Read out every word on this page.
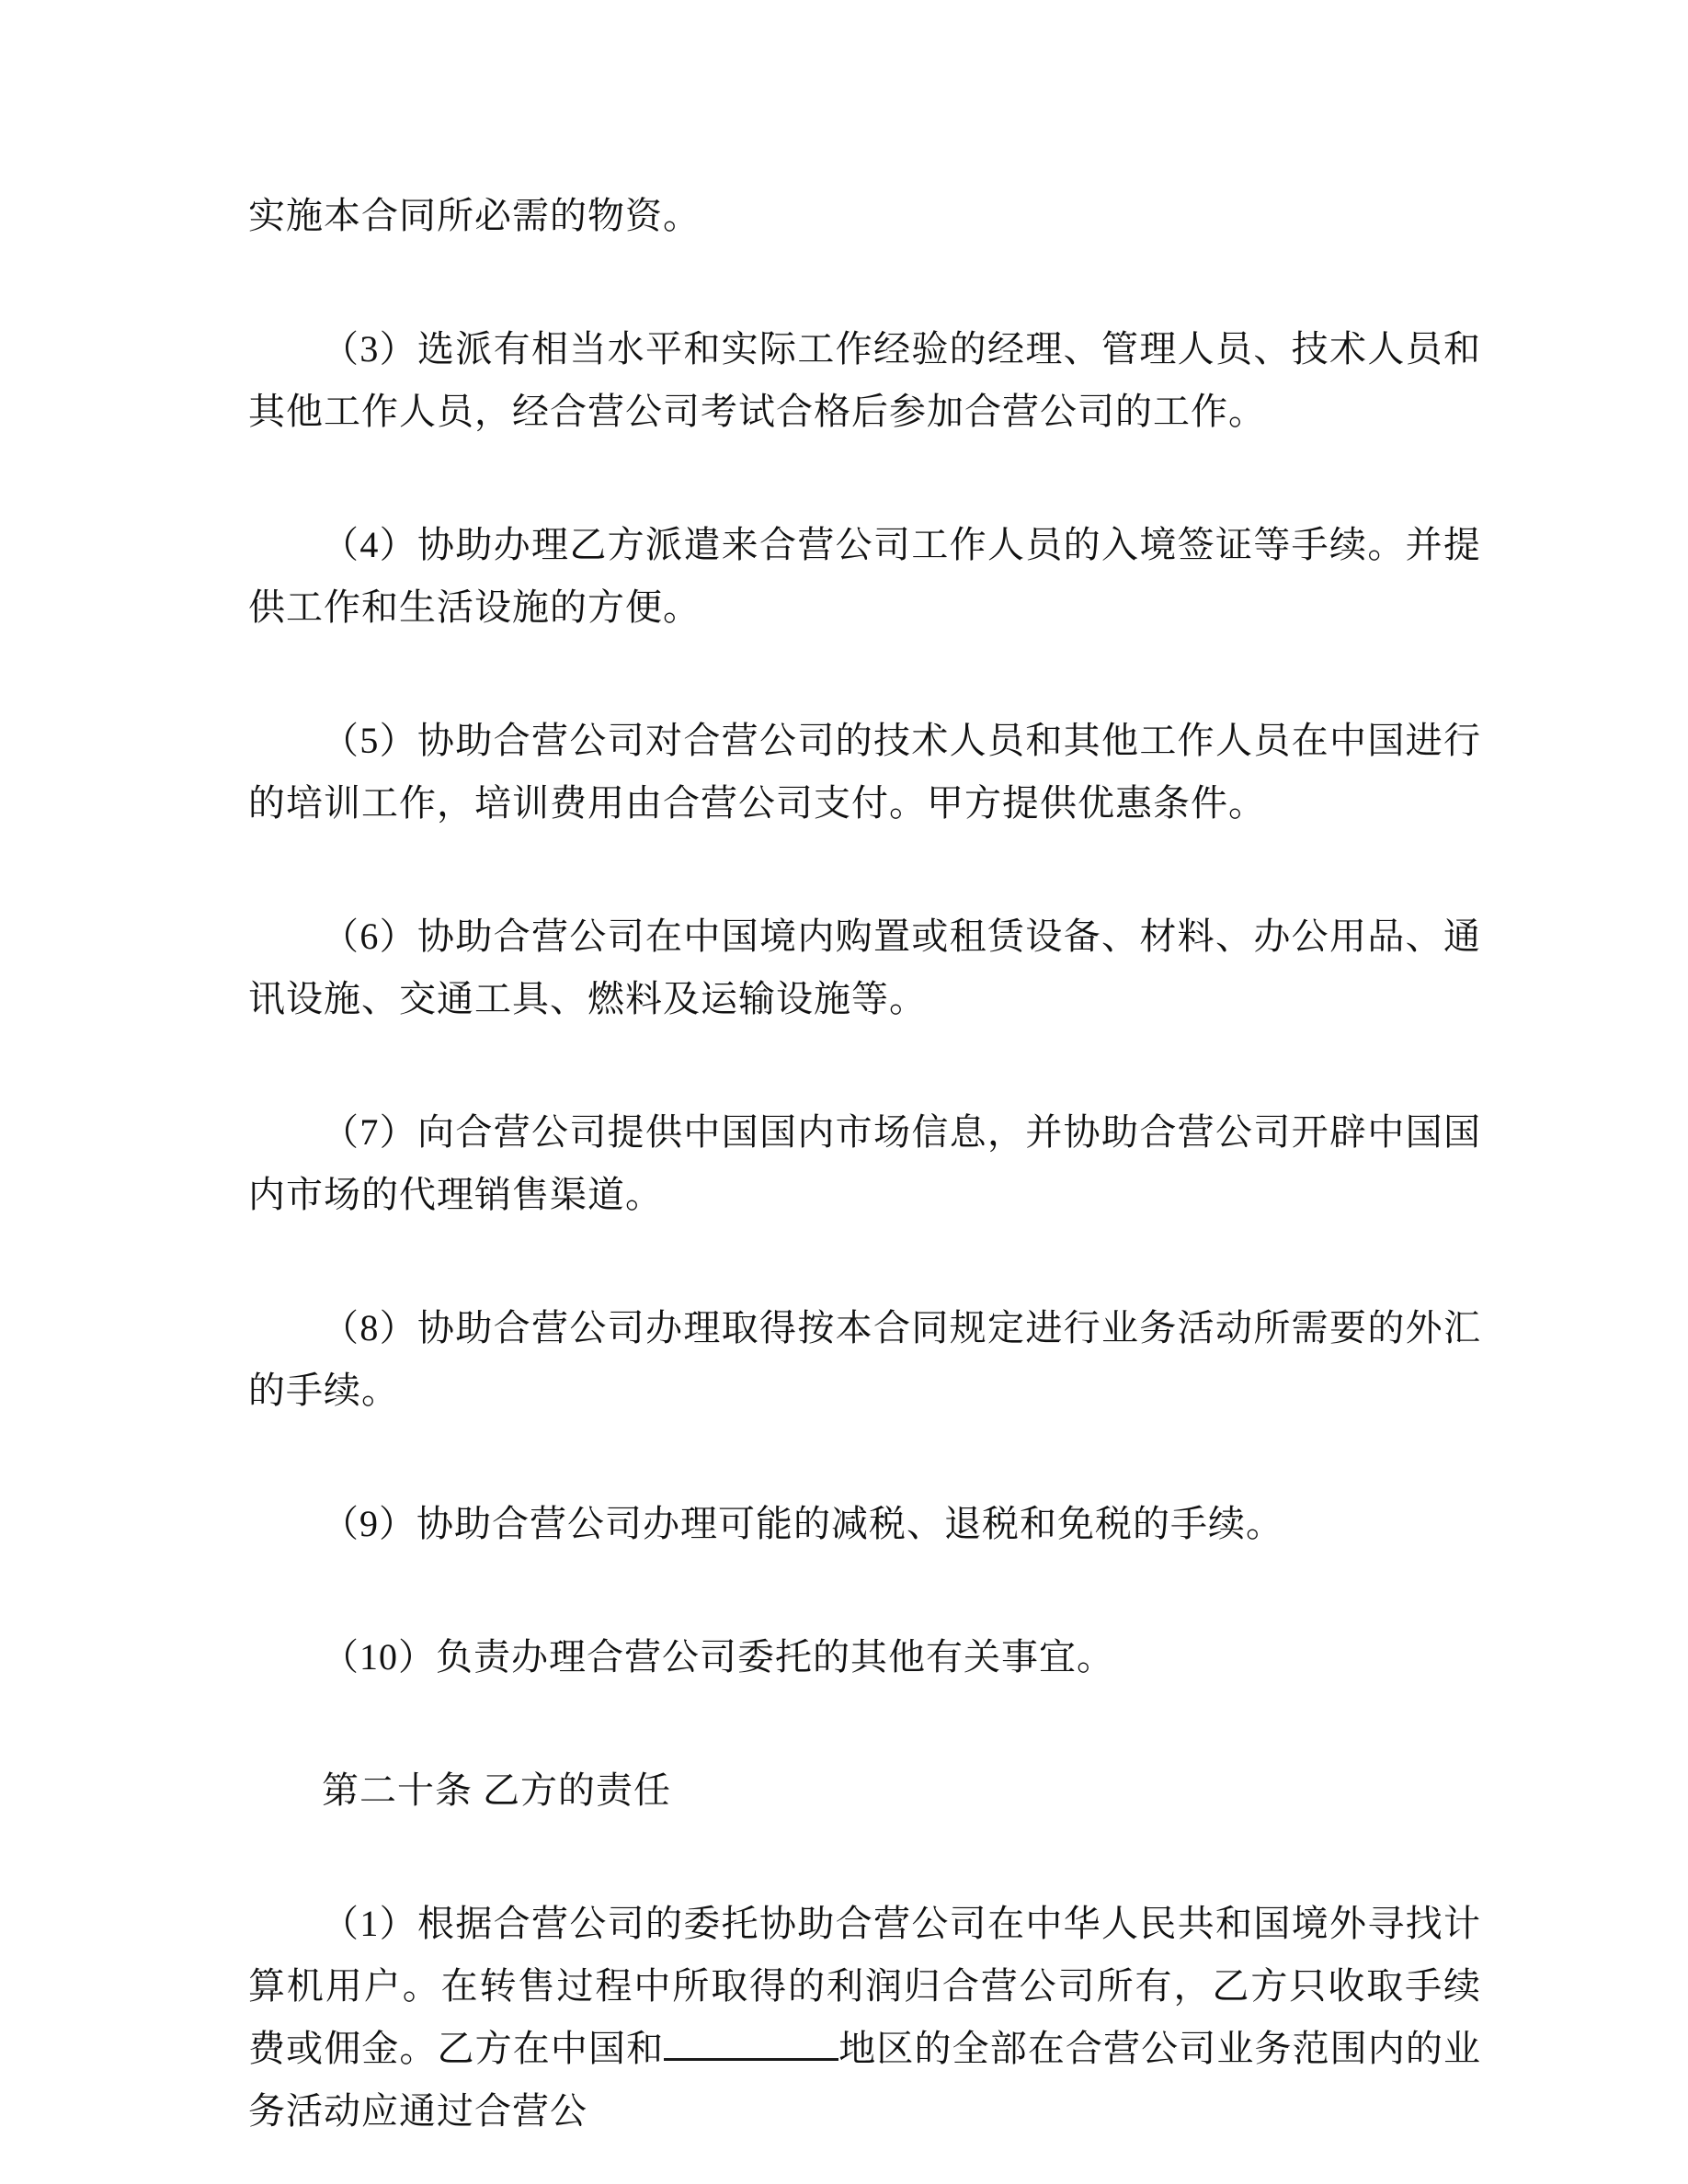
实施本合同所必需的物资。

（3）选派有相当水平和实际工作经验的经理、管理人员、技术人员和其他工作人员，经合营公司考试合格后参加合营公司的工作。

（4）协助办理乙方派遣来合营公司工作人员的入境签证等手续。并提供工作和生活设施的方便。

（5）协助合营公司对合营公司的技术人员和其他工作人员在中国进行的培训工作，培训费用由合营公司支付。甲方提供优惠条件。

（6）协助合营公司在中国境内购置或租赁设备、材料、办公用品、通讯设施、交通工具、燃料及运输设施等。

（7）向合营公司提供中国国内市场信息，并协助合营公司开辟中国国内市场的代理销售渠道。

（8）协助合营公司办理取得按本合同规定进行业务活动所需要的外汇的手续。

（9）协助合营公司办理可能的减税、退税和免税的手续。

（10）负责办理合营公司委托的其他有关事宜。

第二十条 乙方的责任

（1）根据合营公司的委托协助合营公司在中华人民共和国境外寻找计算机用户。在转售过程中所取得的利润归合营公司所有，乙方只收取手续费或佣金。乙方在中国和	地区的全部在合营公司业务范围内的业务活动应通过合营公
